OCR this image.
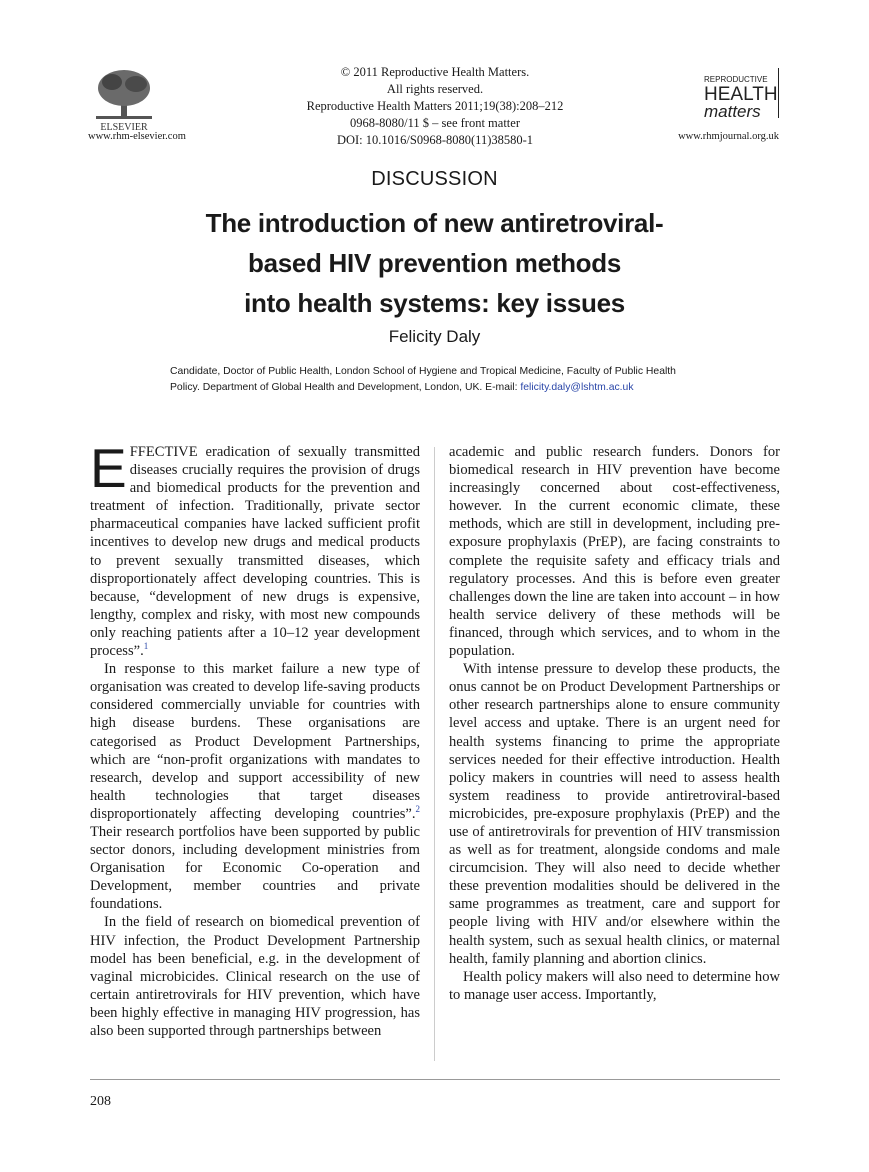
ELSEVIER
www.rhm-elsevier.com
© 2011 Reproductive Health Matters.
All rights reserved.
Reproductive Health Matters 2011;19(38):208–212
0968-8080/11 $ – see front matter
DOI: 10.1016/S0968-8080(11)38580-1
REPRODUCTIVE
HEALTH
matters
www.rhmjournal.org.uk
DISCUSSION
The introduction of new antiretroviral-
based HIV prevention methods
into health systems: key issues
Felicity Daly
Candidate, Doctor of Public Health, London School of Hygiene and Tropical Medicine, Faculty of Public Health
Policy. Department of Global Health and Development, London, UK. E-mail: felicity.daly@lshtm.ac.uk

EFFECTIVE eradication of sexually transmitted diseases crucially requires the provision of drugs and biomedical products for the prevention and treatment of infection. Traditionally, private sector pharmaceutical companies have lacked sufficient profit incentives to develop new drugs and medical products to prevent sexually transmitted diseases, which disproportionately affect developing countries. This is because, “development of new drugs is expensive, lengthy, complex and risky, with most new compounds only reaching patients after a 10–12 year development process”.$^1$

In response to this market failure a new type of organisation was created to develop life-saving products considered commercially unviable for countries with high disease burdens. These organisations are categorised as Product Development Partnerships, which are “non-profit organizations with mandates to research, develop and support accessibility of new health technologies that target diseases disproportionately affecting developing countries”.$^2$ Their research portfolios have been supported by public sector donors, including development ministries from Organisation for Economic Co-operation and Development, member countries and private foundations.

In the field of research on biomedical prevention of HIV infection, the Product Development Partnership model has been beneficial, e.g. in the development of vaginal microbicides. Clinical research on the use of certain antiretrovirals for HIV prevention, which have been highly effective in managing HIV progression, has also been supported through partnerships between

academic and public research funders. Donors for biomedical research in HIV prevention have become increasingly concerned about cost-effectiveness, however. In the current economic climate, these methods, which are still in development, including pre-exposure prophylaxis (PrEP), are facing constraints to complete the requisite safety and efficacy trials and regulatory processes. And this is before even greater challenges down the line are taken into account – in how health service delivery of these methods will be financed, through which services, and to whom in the population.

With intense pressure to develop these products, the onus cannot be on Product Development Partnerships or other research partnerships alone to ensure community level access and uptake. There is an urgent need for health systems financing to prime the appropriate services needed for their effective introduction. Health policy makers in countries will need to assess health system readiness to provide antiretroviral-based microbicides, pre-exposure prophylaxis (PrEP) and the use of antiretrovirals for prevention of HIV transmission as well as for treatment, alongside condoms and male circumcision. They will also need to decide whether these prevention modalities should be delivered in the same programmes as treatment, care and support for people living with HIV and/or elsewhere within the health system, such as sexual health clinics, or maternal health, family planning and abortion clinics.

Health policy makers will also need to determine how to manage user access. Importantly,

208
